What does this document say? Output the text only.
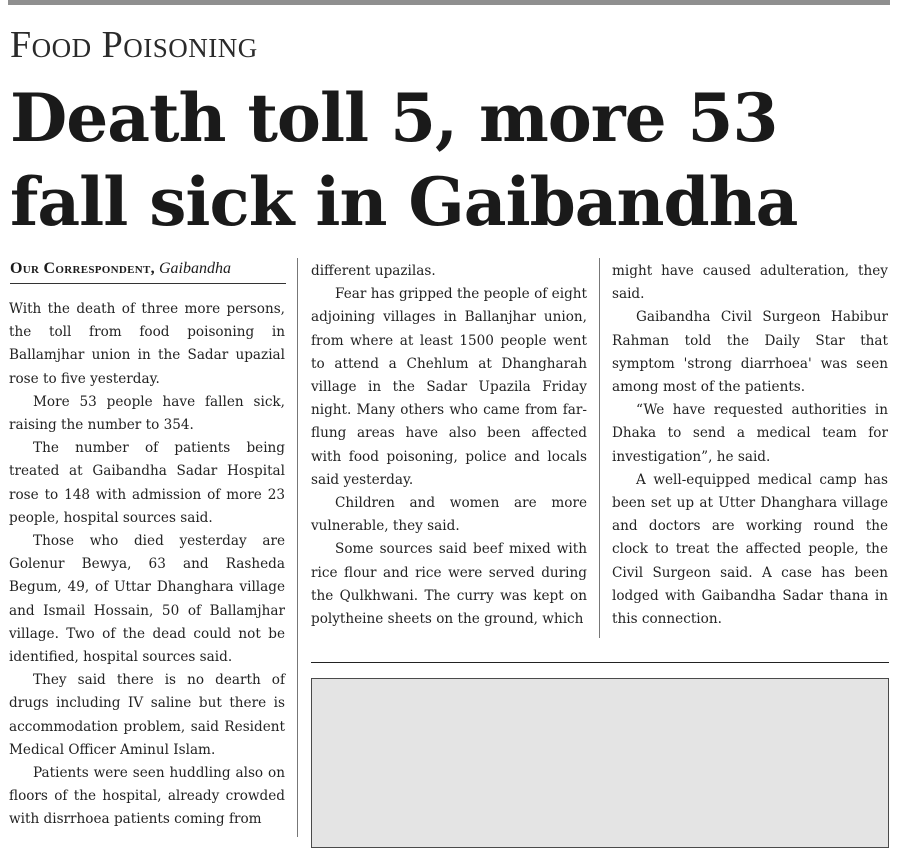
Food Poisoning
Death toll 5, more 53 fall sick in Gaibandha
Our Correspondent, Gaibandha

With the death of three more persons, the toll from food poisoning in Ballamjhar union in the Sadar upazial rose to five yesterday.

More 53 people have fallen sick, raising the number to 354.

The number of patients being treated at Gaibandha Sadar Hospital rose to 148 with admission of more 23 people, hospital sources said.

Those who died yesterday are Golenur Bewya, 63 and Rasheda Begum, 49, of Uttar Dhanghara village and Ismail Hossain, 50 of Ballamjhar village. Two of the dead could not be identified, hospital sources said.

They said there is no dearth of drugs including IV saline but there is accommodation problem, said Resident Medical Officer Aminul Islam.

Patients were seen huddling also on floors of the hospital, already crowded with disrrhoea patients coming from

different upazilas.

Fear has gripped the people of eight adjoining villages in Ballanjhar union, from where at least 1500 people went to attend a Chehlum at Dhangharah village in the Sadar Upazila Friday night. Many others who came from far-flung areas have also been affected with food poisoning, police and locals said yesterday.

Children and women are more vulnerable, they said.

Some sources said beef mixed with rice flour and rice were served during the Qulkhwani. The curry was kept on polytheine sheets on the ground, which

might have caused adulteration, they said.

Gaibandha Civil Surgeon Habibur Rahman told the Daily Star that symptom 'strong diarrhoea' was seen among most of the patients.

“We have requested authorities in Dhaka to send a medical team for investigation”, he said.

A well-equipped medical camp has been set up at Utter Dhanghara village and doctors are working round the clock to treat the affected people, the Civil Surgeon said. A case has been lodged with Gaibandha Sadar thana in this connection.
